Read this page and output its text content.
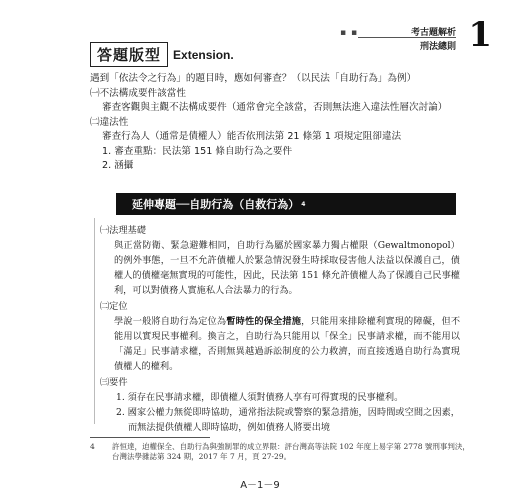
▪ ▪	考古題解析
刑法總則 1
答題版型	Extension.

遇到「依法令之行為」的題目時，應如何審查？（以民法「自助行為」為例）

㈠不法構成要件該當性

審查客觀與主觀不法構成要件（通常會完全該當，否則無法進入違法性層次討論）

㈡違法性

審查行為人（通常是債權人）能否依刑法第 21 條第 1 項規定阻卻違法

1. 審查重點：民法第 151 條自助行為之要件

2. 涵攝

延伸專題──自助行為（自救行為） 4

㈠法理基礎

與正當防衛、緊急避難相同，自助行為屬於國家暴力獨占權限（Gewaltmonopol）的例外事態，一旦不允許債權人於緊急情況發生時採取侵害他人法益以保護自己，債權人的債權毫無實現的可能性，因此，民法第 151 條允許債權人為了保護自己民事權利，可以對債務人實施私人合法暴力的行為。

㈡定位

學說一般將自助行為定位為暫時性的保全措施，只能用來排除權利實現的障礙，但不能用以實現民事權利。換言之，自助行為只能用以「保全」民事請求權，而不能用以「滿足」民事請求權，否則無異越過訴訟制度的公力救濟，而直接透過自助行為實現債權人的權利。

㈢要件

1. 須存在民事請求權，即債權人須對債務人享有可得實現的民事權利。

2. 國家公權力無從即時協助，通常指法院或警察的緊急措施，因時間或空間之因素，而無法提供債權人即時協助，例如債務人將要出境

4	許恒達，迫權保全、自助行為與強制罪的成立界限：評台灣高等法院 102 年度上易字第 2778 號刑事判決，台灣法學雜誌第 324 期，2017 年 7 月，頁 27-29。
A－1－9
